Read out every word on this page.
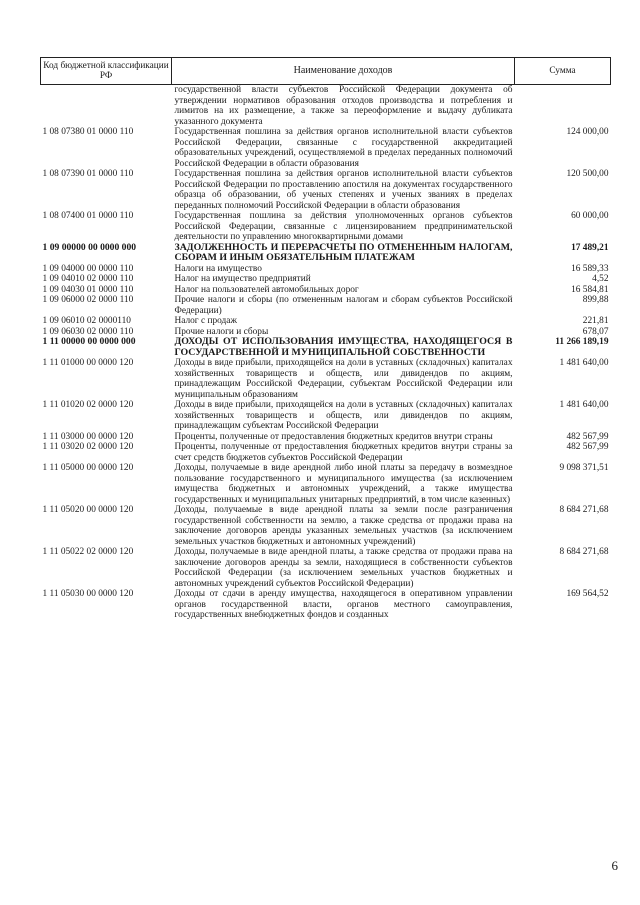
Код бюджетной классификации РФ	Наименование доходов	Сумма
	государственной власти субъектов Российской Федерации документа об утверждении нормативов образования отходов производства и потребления и лимитов на их размещение, а также за переоформление и выдачу дубликата указанного документа	
1 08 07380 01 0000 110	Государственная пошлина за действия органов исполнительной власти субъектов Российской Федерации, связанные с государственной аккредитацией образовательных учреждений, осуществляемой в пределах переданных полномочий Российской Федерации в области образования	124 000,00
1 08 07390 01 0000 110	Государственная пошлина за действия органов исполнительной власти субъектов Российской Федерации по проставлению апостиля на документах государственного образца об образовании, об ученых степенях и ученых званиях в пределах переданных полномочий Российской Федерации в области образования	120 500,00
1 08 07400 01 0000 110	Государственная пошлина за действия уполномоченных органов субъектов Российской Федерации, связанные с лицензированием предпринимательской деятельности по управлению многоквартирными домами	60 000,00
1 09 00000 00 0000 000	ЗАДОЛЖЕННОСТЬ И ПЕРЕРАСЧЕТЫ ПО ОТМЕНЕННЫМ НАЛОГАМ, СБОРАМ И ИНЫМ ОБЯЗАТЕЛЬНЫМ ПЛАТЕЖАМ	17 489,21
1 09 04000 00 0000 110	Налоги на имущество	16 589,33
1 09 04010 02 0000 110	Налог на имущество предприятий	4,52
1 09 04030 01 0000 110	Налог на пользователей автомобильных дорог	16 584,81
1 09 06000 02 0000 110	Прочие налоги и сборы (по отмененным налогам и сборам субъектов Российской Федерации)	899,88
1 09 06010 02 0000110	Налог с продаж	221,81
1 09 06030 02 0000 110	Прочие налоги и сборы	678,07
1 11 00000 00 0000 000	ДОХОДЫ ОТ ИСПОЛЬЗОВАНИЯ ИМУЩЕСТВА, НАХОДЯЩЕГОСЯ В ГОСУДАРСТВЕННОЙ И МУНИЦИПАЛЬНОЙ СОБСТВЕННОСТИ	11 266 189,19
1 11 01000 00 0000 120	Доходы в виде прибыли, приходящейся на доли в уставных (складочных) капиталах хозяйственных товариществ и обществ, или дивидендов по акциям, принадлежащим Российской Федерации, субъектам Российской Федерации или муниципальным образованиям	1 481 640,00
1 11 01020 02 0000 120	Доходы в виде прибыли, приходящейся на доли в уставных (складочных) капиталах хозяйственных товариществ и обществ, или дивидендов по акциям, принадлежащим субъектам Российской Федерации	1 481 640,00
1 11 03000 00 0000 120	Проценты, полученные от предоставления бюджетных кредитов внутри страны	482 567,99
1 11 03020 02 0000 120	Проценты, полученные от предоставления бюджетных кредитов внутри страны за счет средств бюджетов субъектов Российской Федерации	482 567,99
1 11 05000 00 0000 120	Доходы, получаемые в виде арендной либо иной платы за передачу в возмездное пользование государственного и муниципального имущества (за исключением имущества бюджетных и автономных учреждений, а также имущества государственных и муниципальных унитарных предприятий, в том числе казенных)	9 098 371,51
1 11 05020 00 0000 120	Доходы, получаемые в виде арендной платы за земли после разграничения государственной собственности на землю, а также средства от продажи права на заключение договоров аренды указанных земельных участков (за исключением земельных участков бюджетных и автономных учреждений)	8 684 271,68
1 11 05022 02 0000 120	Доходы, получаемые в виде арендной платы, а также средства от продажи права на заключение договоров аренды за земли, находящиеся в собственности субъектов Российской Федерации (за исключением земельных участков бюджетных и автономных учреждений субъектов Российской Федерации)	8 684 271,68
1 11 05030 00 0000 120	Доходы от сдачи в аренду имущества, находящегося в оперативном управлении органов государственной власти, органов местного самоуправления, государственных внебюджетных фондов и созданных	169 564,52
6
